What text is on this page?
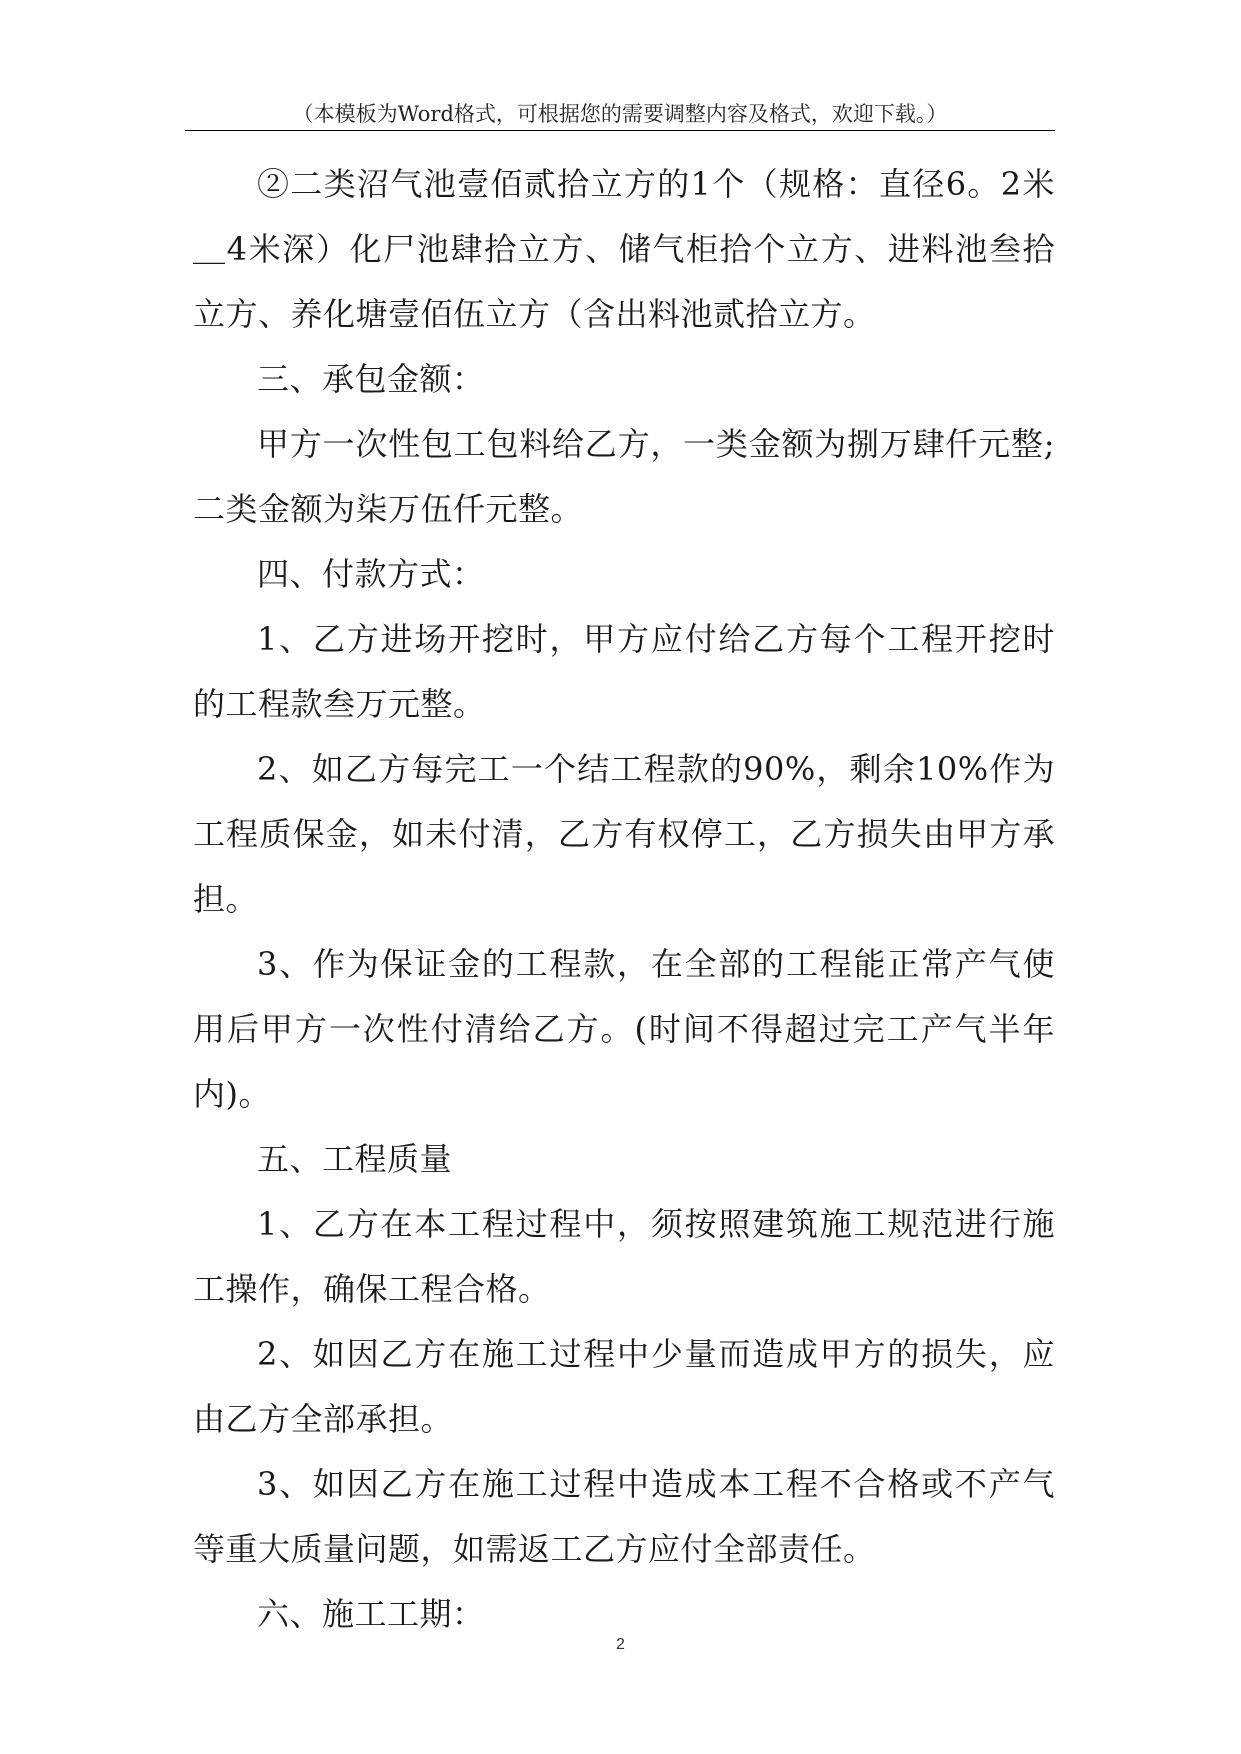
（本模板为Word格式，可根据您的需要调整内容及格式，欢迎下载。）

②二类沼气池壹佰贰拾立方的1个（规格：直径6。2米＿4米深）化尸池肆拾立方、储气柜拾个立方、进料池叁拾立方、养化塘壹佰伍立方（含出料池贰拾立方。

三、承包金额：

甲方一次性包工包料给乙方，一类金额为捌万肆仟元整;二类金额为柒万伍仟元整。

四、付款方式：

1、乙方进场开挖时，甲方应付给乙方每个工程开挖时的工程款叁万元整。

2、如乙方每完工一个结工程款的90%，剩余10%作为工程质保金，如未付清，乙方有权停工，乙方损失由甲方承担。

3、作为保证金的工程款，在全部的工程能正常产气使用后甲方一次性付清给乙方。(时间不得超过完工产气半年内)。

五、工程质量

1、乙方在本工程过程中，须按照建筑施工规范进行施工操作，确保工程合格。

2、如因乙方在施工过程中少量而造成甲方的损失，应由乙方全部承担。

3、如因乙方在施工过程中造成本工程不合格或不产气等重大质量问题，如需返工乙方应付全部责任。

六、施工工期：

2
